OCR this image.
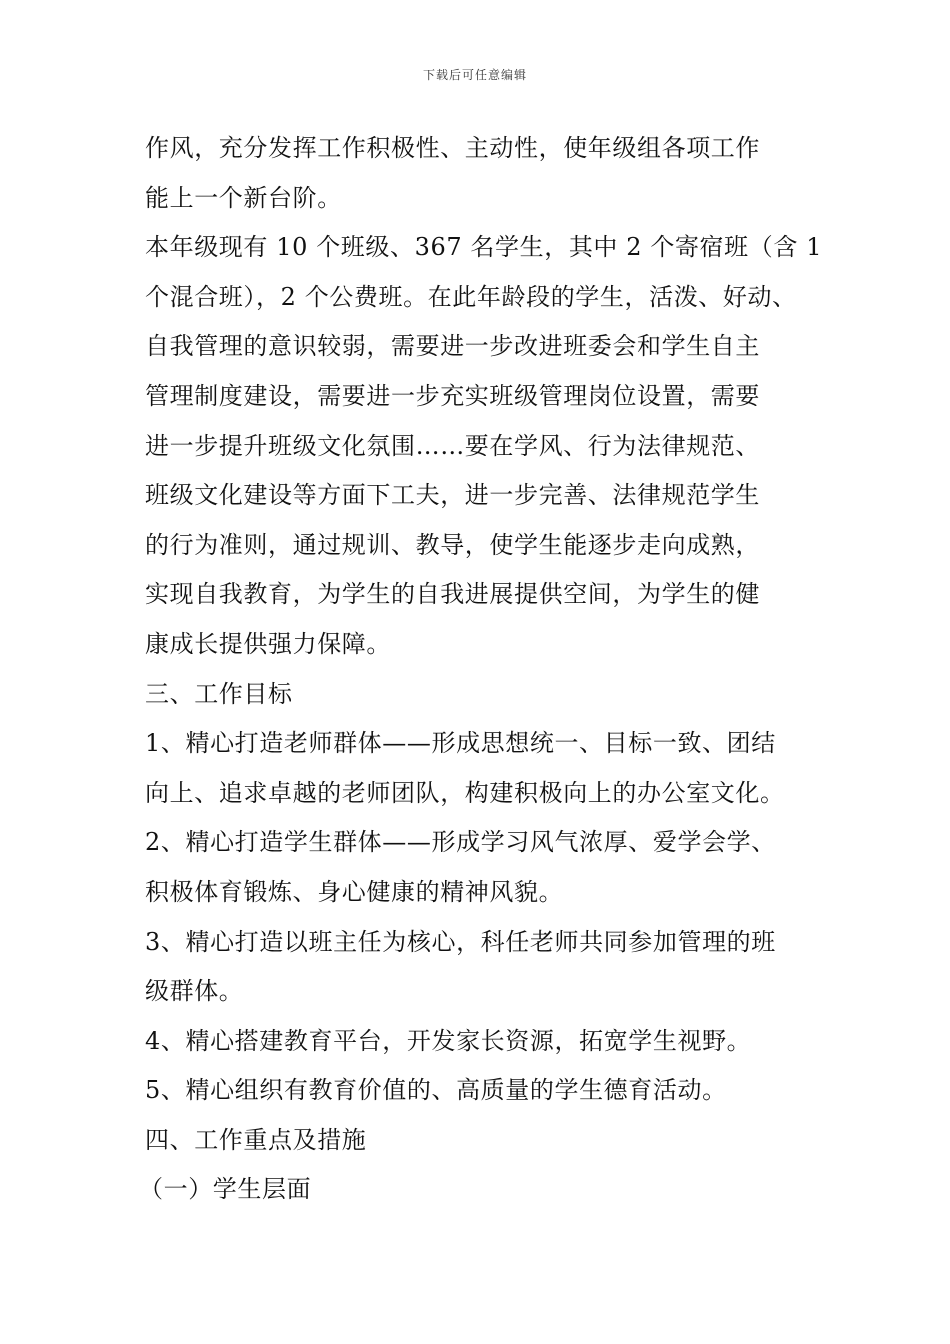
下载后可任意编辑
作风，充分发挥工作积极性、主动性，使年级组各项工作
能上一个新台阶。
本年级现有 10 个班级、367 名学生，其中 2 个寄宿班（含 1
个混合班），2 个公费班。在此年龄段的学生，活泼、好动、
自我管理的意识较弱，需要进一步改进班委会和学生自主
管理制度建设，需要进一步充实班级管理岗位设置，需要
进一步提升班级文化氛围……要在学风、行为法律规范、
班级文化建设等方面下工夫，进一步完善、法律规范学生
的行为准则，通过规训、教导，使学生能逐步走向成熟，
实现自我教育，为学生的自我进展提供空间，为学生的健
康成长提供强力保障。
三、工作目标
1、精心打造老师群体——形成思想统一、目标一致、团结
向上、追求卓越的老师团队，构建积极向上的办公室文化。
2、精心打造学生群体——形成学习风气浓厚、爱学会学、
积极体育锻炼、身心健康的精神风貌。
3、精心打造以班主任为核心，科任老师共同参加管理的班
级群体。
4、精心搭建教育平台，开发家长资源，拓宽学生视野。
5、精心组织有教育价值的、高质量的学生德育活动。
四、工作重点及措施
（一）学生层面
